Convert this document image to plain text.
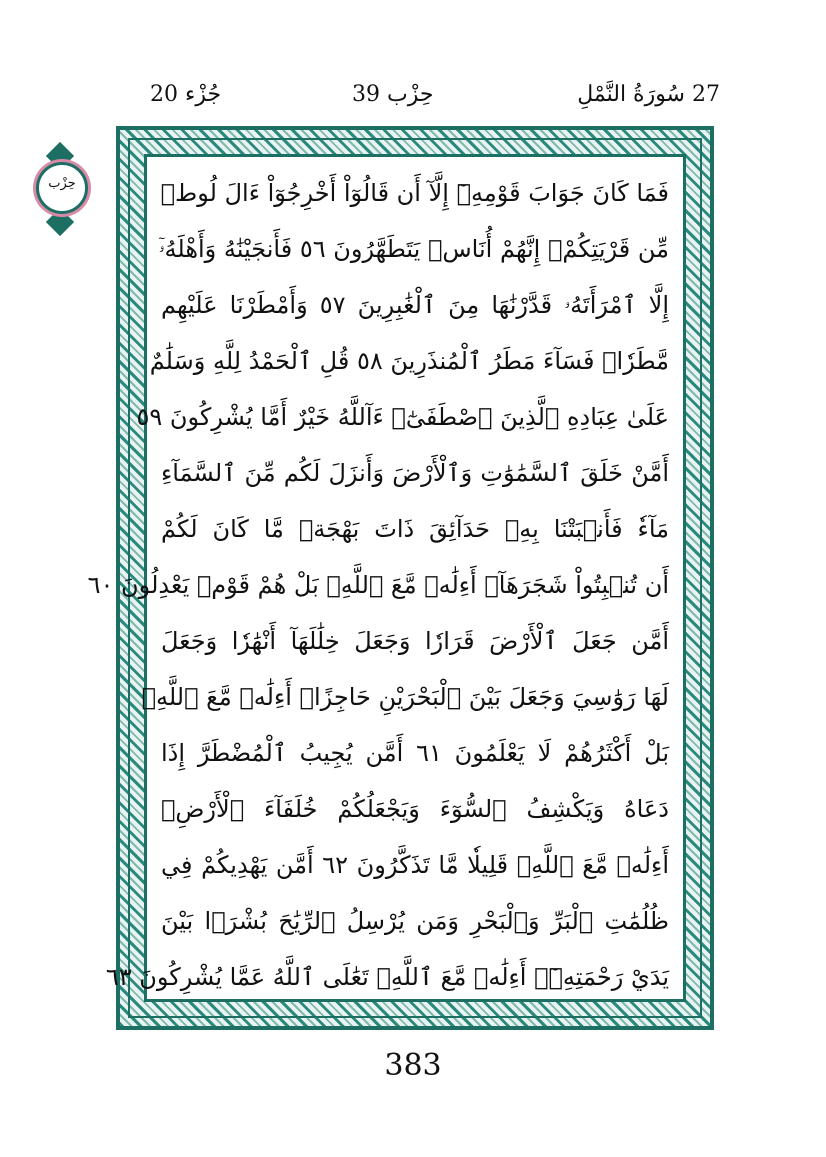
جُزْء 20	حِزْب 39	27 سُورَةُ النَّمْلِ
حِزْب	فَمَا كَانَ جَوَابَ قَوْمِهِۦٓ إِلَّآ أَن قَالُوٓاْ أَخْرِجُوٓاْ ءَالَ لُوطٖ
مِّن قَرْيَتِكُمْۖ إِنَّهُمْ أُنَاسٞ يَتَطَهَّرُونَ ٥٦ فَأَنجَيْنَٰهُ وَأَهْلَهُۥٓ
إِلَّا ٱمْرَأَتَهُۥ قَدَّرْنَٰهَا مِنَ ٱلْغَٰبِرِينَ ٥٧ وَأَمْطَرْنَا عَلَيْهِم
مَّطَرٗاۖ فَسَآءَ مَطَرُ ٱلْمُنذَرِينَ ٥٨ قُلِ ٱلْحَمْدُ لِلَّهِ وَسَلَٰمٌ
عَلَىٰ عِبَادِهِ ٱلَّذِينَ ٱصْطَفَىٰٓۗ ءَآللَّهُ خَيْرٌ أَمَّا يُشْرِكُونَ ٥٩
أَمَّنْ خَلَقَ ٱلسَّمَٰوَٰتِ وَٱلْأَرْضَ وَأَنزَلَ لَكُم مِّنَ ٱلسَّمَآءِ
مَآءٗ فَأَنۢبَتْنَا بِهِۦ حَدَآئِقَ ذَاتَ بَهْجَةٖ مَّا كَانَ لَكُمْ
أَن تُنۢبِتُواْ شَجَرَهَآۗ أَءِلَٰهٞ مَّعَ ٱللَّهِۚ بَلْ هُمْ قَوْمٞ يَعْدِلُونَ ٦٠
أَمَّن جَعَلَ ٱلْأَرْضَ قَرَارٗا وَجَعَلَ خِلَٰلَهَآ أَنْهَٰرٗا وَجَعَلَ
لَهَا رَوَٰسِيَ وَجَعَلَ بَيْنَ ٱلْبَحْرَيْنِ حَاجِزًاۗ أَءِلَٰهٞ مَّعَ ٱللَّهِۚ
بَلْ أَكْثَرُهُمْ لَا يَعْلَمُونَ ٦١ أَمَّن يُجِيبُ ٱلْمُضْطَرَّ إِذَا
دَعَاهُ وَيَكْشِفُ ٱلسُّوٓءَ وَيَجْعَلُكُمْ خُلَفَآءَ ٱلْأَرْضِۗ
أَءِلَٰهٞ مَّعَ ٱللَّهِۚ قَلِيلٗا مَّا تَذَكَّرُونَ ٦٢ أَمَّن يَهْدِيكُمْ فِي
ظُلُمَٰتِ ٱلْبَرِّ وَٱلْبَحْرِ وَمَن يُرْسِلُ ٱلرِّيَٰحَ بُشْرَۢا بَيْنَ
يَدَيْ رَحْمَتِهِۦٓۗ أَءِلَٰهٞ مَّعَ ٱللَّهِۚ تَعَٰلَى ٱللَّهُ عَمَّا يُشْرِكُونَ ٦٣
383
